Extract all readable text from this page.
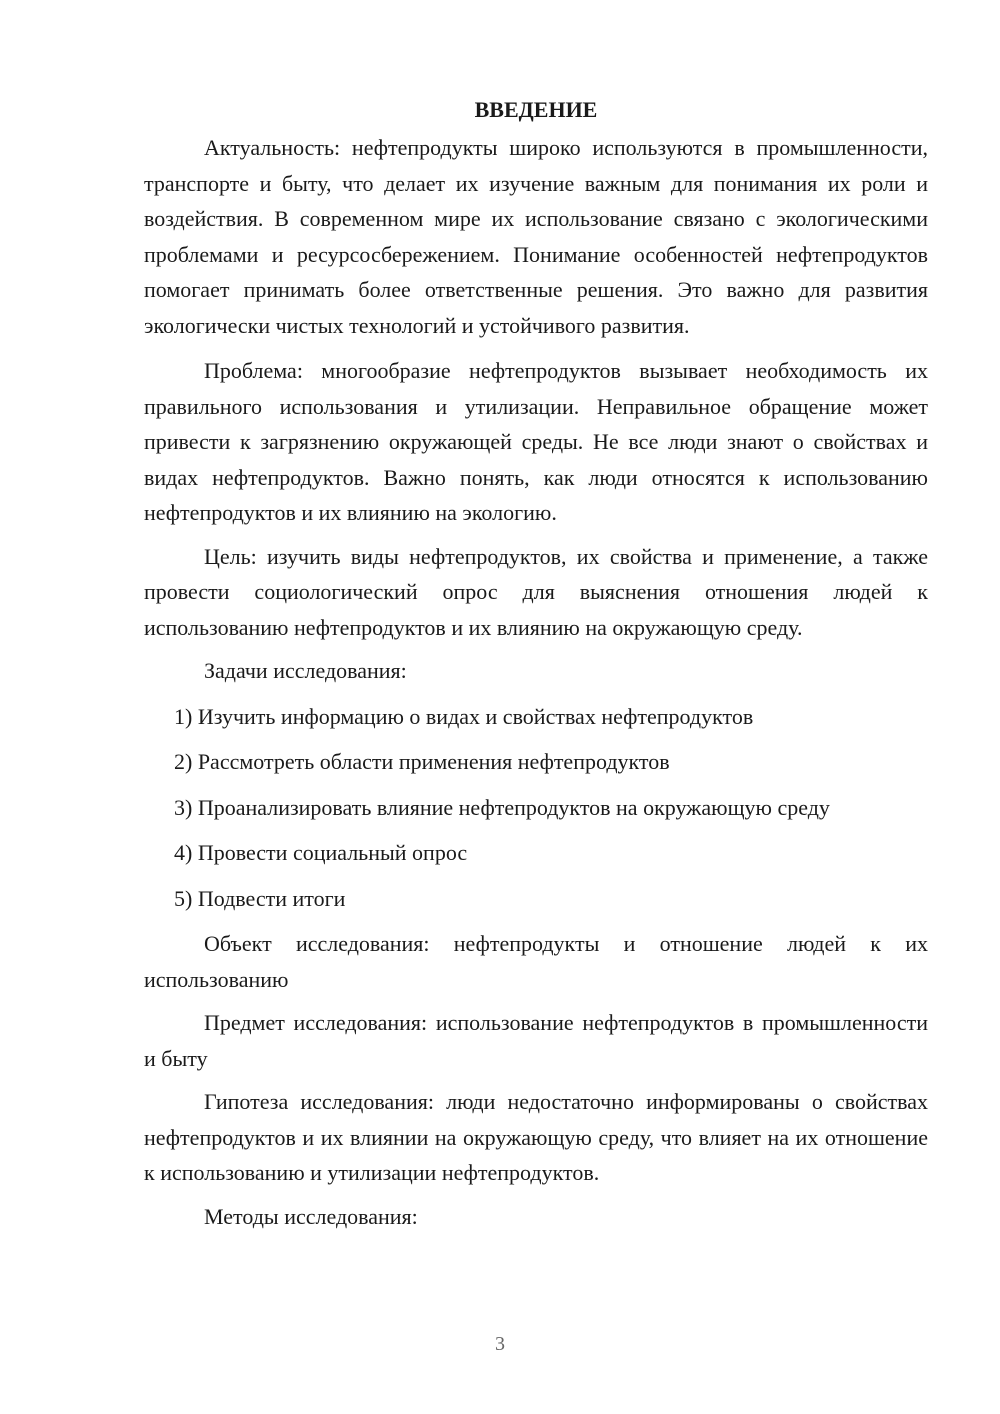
ВВЕДЕНИЕ

Актуальность: нефтепродукты широко используются в промышленности, транспорте и быту, что делает их изучение важным для понимания их роли и воздействия. В современном мире их использование связано с экологическими проблемами и ресурсосбережением. Понимание особенностей нефтепродуктов помогает принимать более ответственные решения. Это важно для развития экологически чистых технологий и устойчивого развития.

Проблема: многообразие нефтепродуктов вызывает необходимость их правильного использования и утилизации. Неправильное обращение может привести к загрязнению окружающей среды. Не все люди знают о свойствах и видах нефтепродуктов. Важно понять, как люди относятся к использованию нефтепродуктов и их влиянию на экологию.

Цель: изучить виды нефтепродуктов, их свойства и применение, а также провести социологический опрос для выяснения отношения людей к использованию нефтепродуктов и их влиянию на окружающую среду.

Задачи исследования:

1) Изучить информацию о видах и свойствах нефтепродуктов

2) Рассмотреть области применения нефтепродуктов

3) Проанализировать влияние нефтепродуктов на окружающую среду

4) Провести социальный опрос

5) Подвести итоги

Объект исследования: нефтепродукты и отношение людей к их использованию

Предмет исследования: использование нефтепродуктов в промышленности и быту

Гипотеза исследования: люди недостаточно информированы о свойствах нефтепродуктов и их влиянии на окружающую среду, что влияет на их отношение к использованию и утилизации нефтепродуктов.

Методы исследования:

3
